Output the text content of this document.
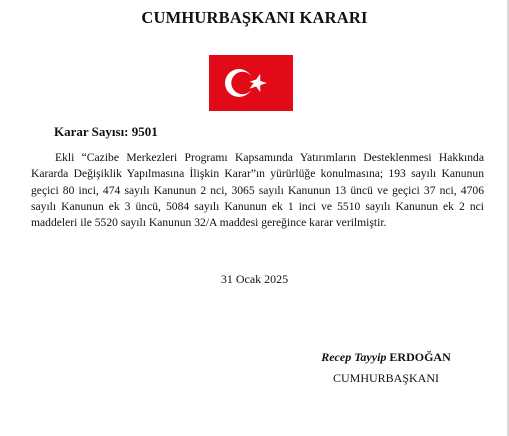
CUMHURBAŞKANI KARARI
Karar Sayısı: 9501

Ekli “Cazibe Merkezleri Programı Kapsamında Yatırımların Desteklenmesi Hakkında Kararda Değişiklik Yapılmasına İlişkin Karar”ın yürürlüğe konulmasına; 193 sayılı Kanunun geçici 80 inci, 474 sayılı Kanunun 2 nci, 3065 sayılı Kanunun 13 üncü ve geçici 37 nci, 4706 sayılı Kanunun ek 3 üncü, 5084 sayılı Kanunun ek 1 inci ve 5510 sayılı Kanunun ek 2 nci maddeleri ile 5520 sayılı Kanunun 32/A maddesi gereğince karar verilmiştir.

31 Ocak 2025
Recep Tayyip ERDOĞAN
CUMHURBAŞKANI
